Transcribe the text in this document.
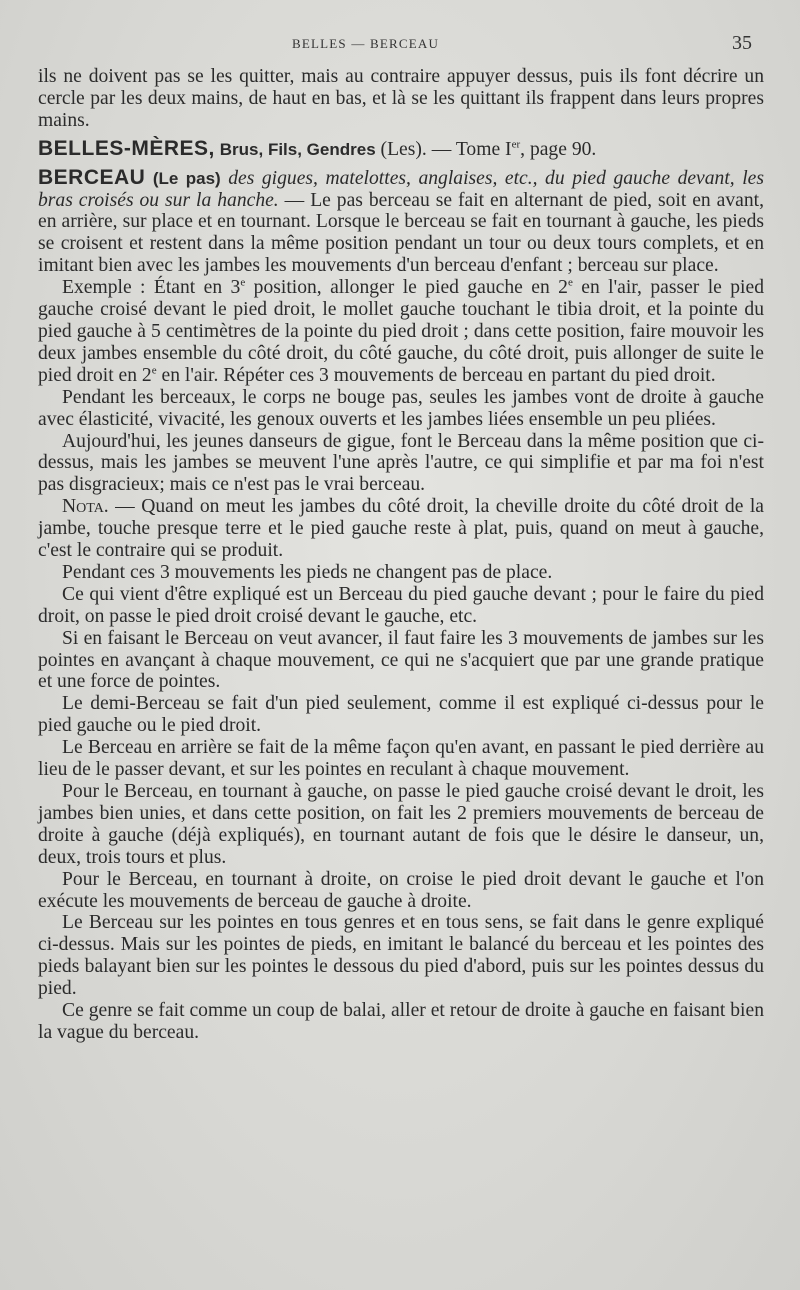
BELLES — BERCEAU	35

ils ne doivent pas se les quitter, mais au contraire appuyer dessus, puis ils font décrire un cercle par les deux mains, de haut en bas, et là se les quittant ils frappent dans leurs propres mains.

BELLES-MÈRES, Brus, Fils, Gendres (Les). — Tome Ier, page 90.

BERCEAU (Le pas) des gigues, matelottes, anglaises, etc., du pied gauche devant, les bras croisés ou sur la hanche. — Le pas berceau se fait en alternant de pied, soit en avant, en arrière, sur place et en tournant. Lorsque le berceau se fait en tournant à gauche, les pieds se croisent et restent dans la même position pendant un tour ou deux tours complets, et en imitant bien avec les jambes les mouvements d'un berceau d'enfant ; berceau sur place.

Exemple : Étant en 3e position, allonger le pied gauche en 2e en l'air, passer le pied gauche croisé devant le pied droit, le mollet gauche touchant le tibia droit, et la pointe du pied gauche à 5 centimètres de la pointe du pied droit ; dans cette position, faire mouvoir les deux jambes ensemble du côté droit, du côté gauche, du côté droit, puis allonger de suite le pied droit en 2e en l'air. Répéter ces 3 mouvements de berceau en partant du pied droit.

Pendant les berceaux, le corps ne bouge pas, seules les jambes vont de droite à gauche avec élasticité, vivacité, les genoux ouverts et les jambes liées ensemble un peu pliées.

Aujourd'hui, les jeunes danseurs de gigue, font le Berceau dans la même position que ci-dessus, mais les jambes se meuvent l'une après l'autre, ce qui simplifie et par ma foi n'est pas disgracieux; mais ce n'est pas le vrai berceau.

Nota. — Quand on meut les jambes du côté droit, la cheville droite du côté droit de la jambe, touche presque terre et le pied gauche reste à plat, puis, quand on meut à gauche, c'est le contraire qui se produit.

Pendant ces 3 mouvements les pieds ne changent pas de place.

Ce qui vient d'être expliqué est un Berceau du pied gauche devant ; pour le faire du pied droit, on passe le pied droit croisé devant le gauche, etc.

Si en faisant le Berceau on veut avancer, il faut faire les 3 mouvements de jambes sur les pointes en avançant à chaque mouvement, ce qui ne s'acquiert que par une grande pratique et une force de pointes.

Le demi-Berceau se fait d'un pied seulement, comme il est expliqué ci-dessus pour le pied gauche ou le pied droit.

Le Berceau en arrière se fait de la même façon qu'en avant, en passant le pied derrière au lieu de le passer devant, et sur les pointes en reculant à chaque mouvement.

Pour le Berceau, en tournant à gauche, on passe le pied gauche croisé devant le droit, les jambes bien unies, et dans cette position, on fait les 2 premiers mouvements de berceau de droite à gauche (déjà expliqués), en tournant autant de fois que le désire le danseur, un, deux, trois tours et plus.

Pour le Berceau, en tournant à droite, on croise le pied droit devant le gauche et l'on exécute les mouvements de berceau de gauche à droite.

Le Berceau sur les pointes en tous genres et en tous sens, se fait dans le genre expliqué ci-dessus. Mais sur les pointes de pieds, en imitant le balancé du berceau et les pointes des pieds balayant bien sur les pointes le dessous du pied d'abord, puis sur les pointes dessus du pied.

Ce genre se fait comme un coup de balai, aller et retour de droite à gauche en faisant bien la vague du berceau.
